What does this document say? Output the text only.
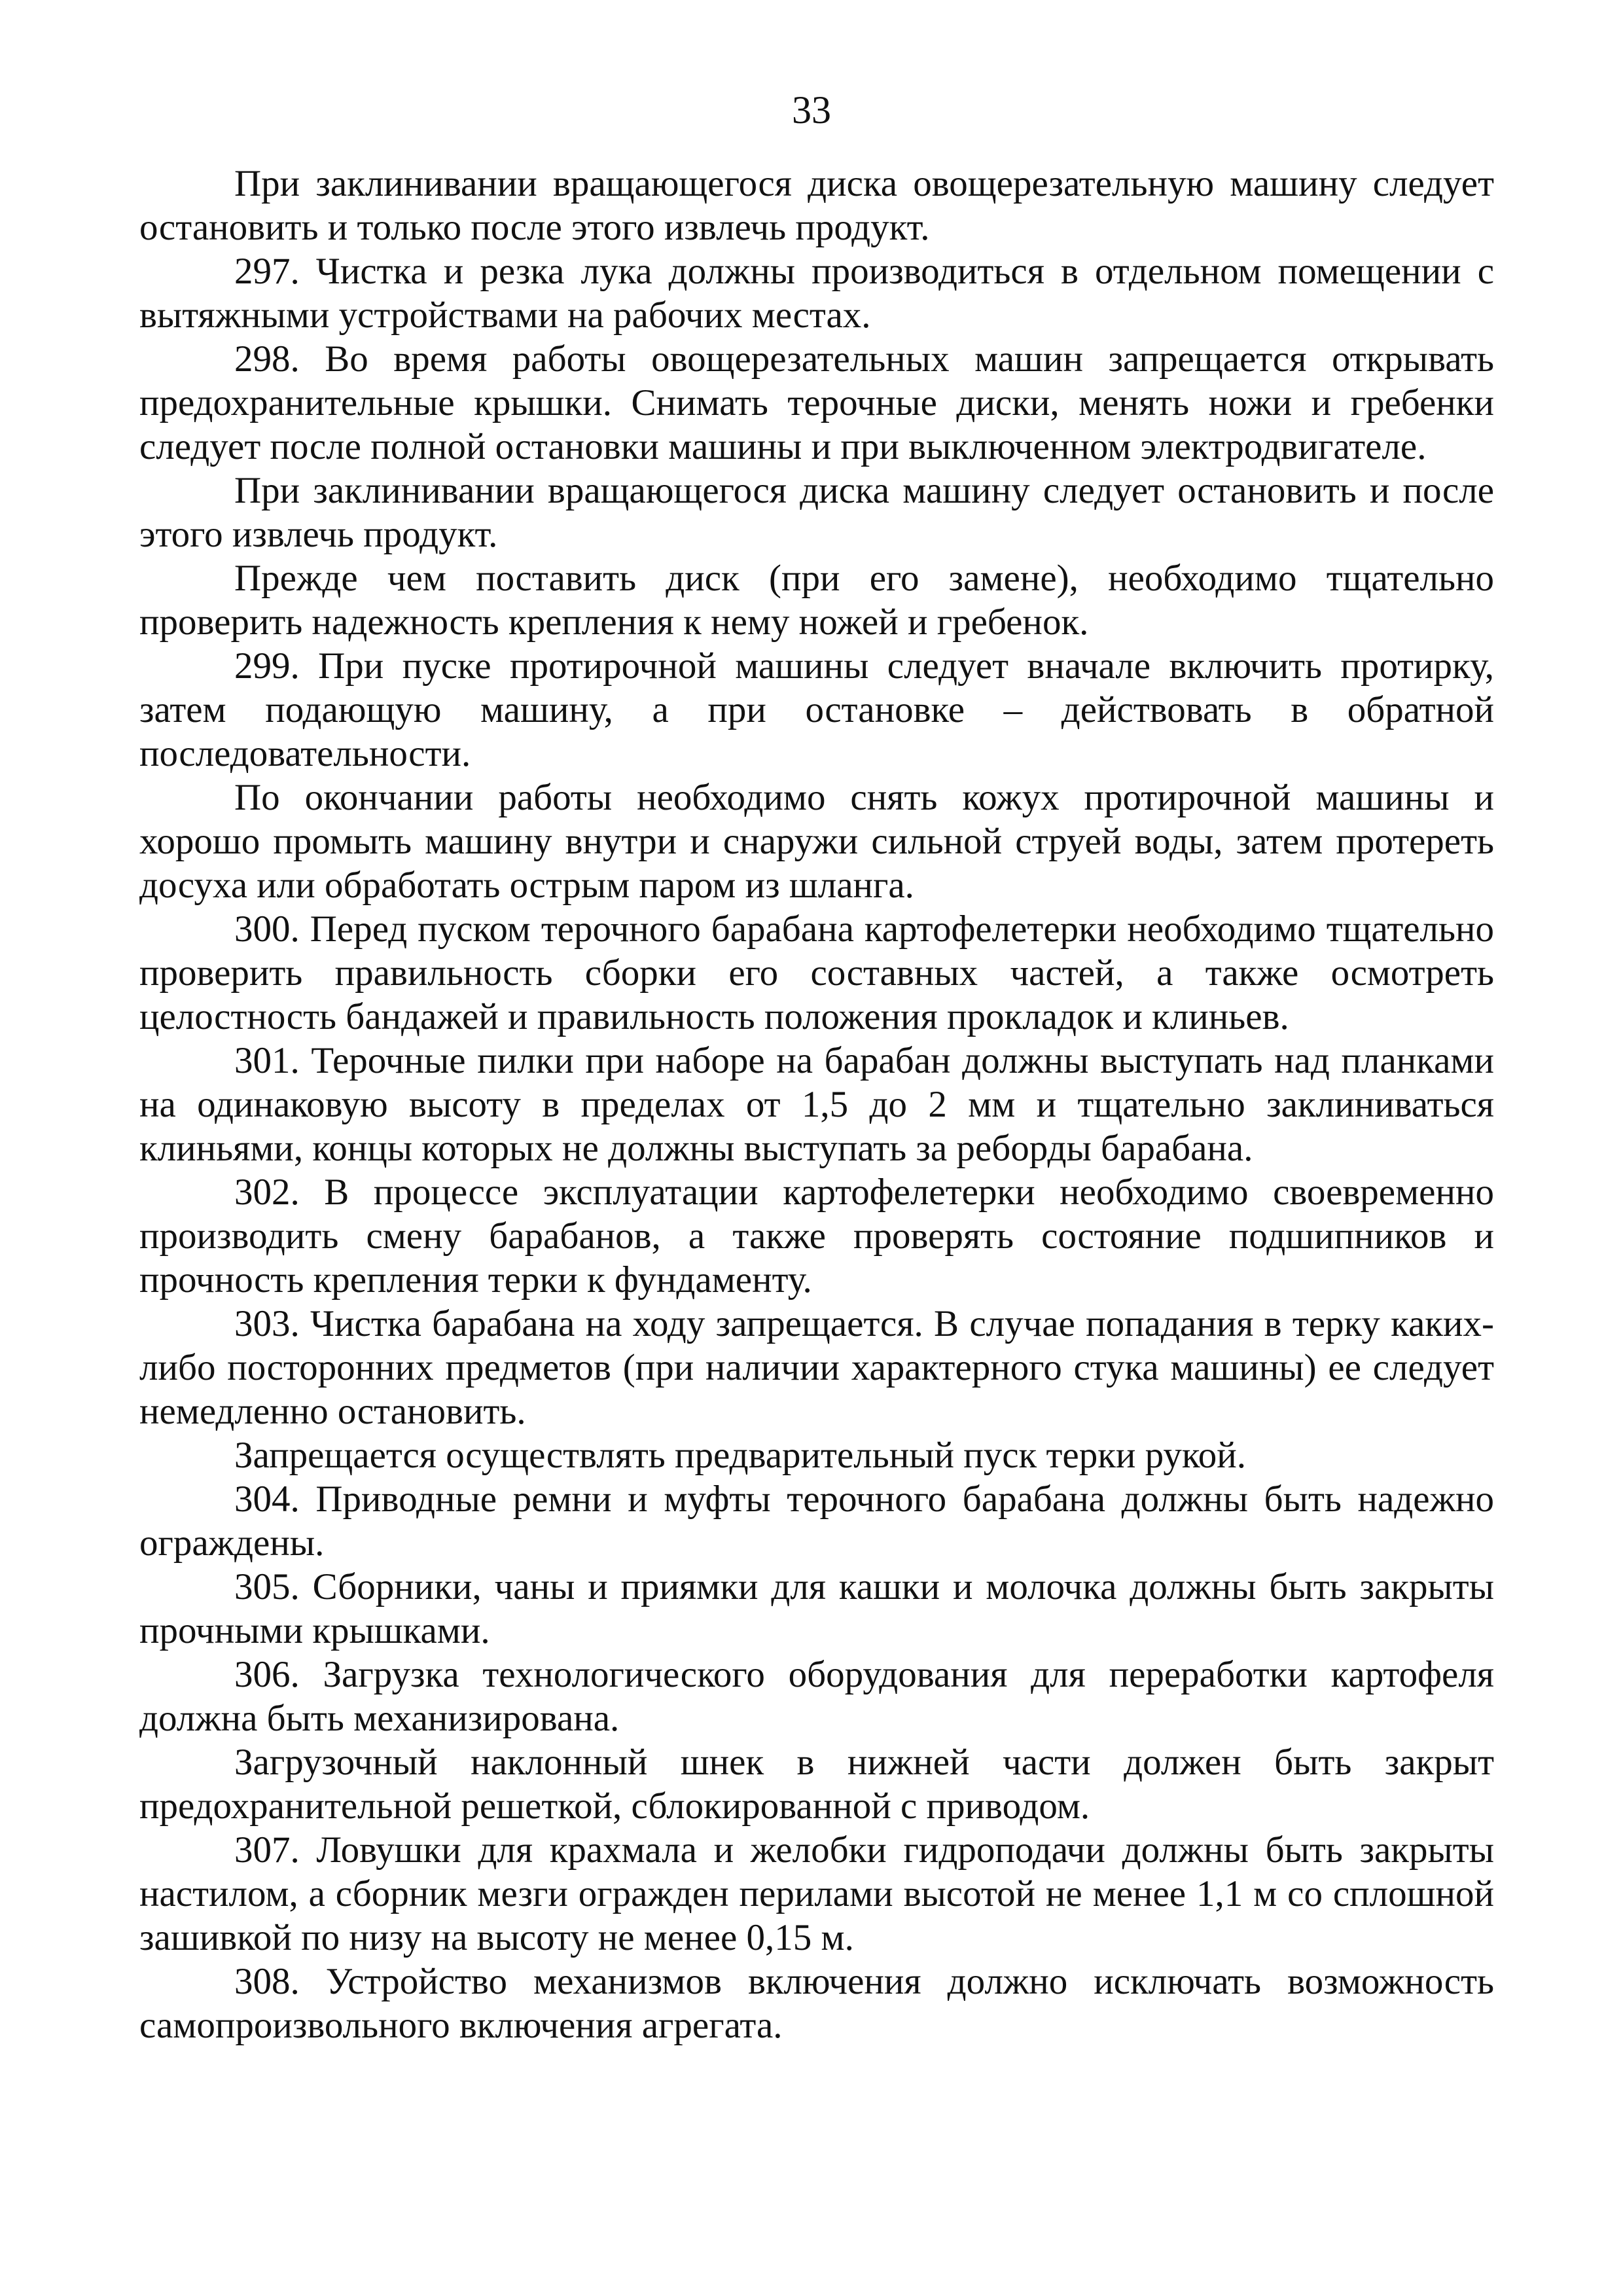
33

При заклинивании вращающегося диска овощерезательную машину следует остановить и только после этого извлечь продукт.

297. Чистка и резка лука должны производиться в отдельном помещении с вытяжными устройствами на рабочих местах.

298. Во время работы овощерезательных машин запрещается открывать предохранительные крышки. Снимать терочные диски, менять ножи и гребенки следует после полной остановки машины и при выключенном электродвигателе.

При заклинивании вращающегося диска машину следует остановить и после этого извлечь продукт.

Прежде чем поставить диск (при его замене), необходимо тщательно проверить надежность крепления к нему ножей и гребенок.

299. При пуске протирочной машины следует вначале включить протирку, затем подающую машину, а при остановке – действовать в обратной последовательности.

По окончании работы необходимо снять кожух протирочной машины и хорошо промыть машину внутри и снаружи сильной струей воды, затем протереть досуха или обработать острым паром из шланга.

300. Перед пуском терочного барабана картофелетерки необходимо тщательно проверить правильность сборки его составных частей, а также осмотреть целостность бандажей и правильность положения прокладок и клиньев.

301. Терочные пилки при наборе на барабан должны выступать над планками на одинаковую высоту в пределах от 1,5 до 2 мм и тщательно заклиниваться клиньями, концы которых не должны выступать за реборды барабана.

302. В процессе эксплуатации картофелетерки необходимо своевременно производить смену барабанов, а также проверять состояние подшипников и прочность крепления терки к фундаменту.

303. Чистка барабана на ходу запрещается. В случае попадания в терку каких-либо посторонних предметов (при наличии характерного стука машины) ее следует немедленно остановить.

Запрещается осуществлять предварительный пуск терки рукой.

304. Приводные ремни и муфты терочного барабана должны быть надежно ограждены.

305. Сборники, чаны и приямки для кашки и молочка должны быть закрыты прочными крышками.

306. Загрузка технологического оборудования для переработки картофеля должна быть механизирована.

Загрузочный наклонный шнек в нижней части должен быть закрыт предохранительной решеткой, сблокированной с приводом.

307. Ловушки для крахмала и желобки гидроподачи должны быть закрыты настилом, а сборник мезги огражден перилами высотой не менее 1,1 м со сплошной зашивкой по низу на высоту не менее 0,15 м.

308. Устройство механизмов включения должно исключать возможность самопроизвольного включения агрегата.
